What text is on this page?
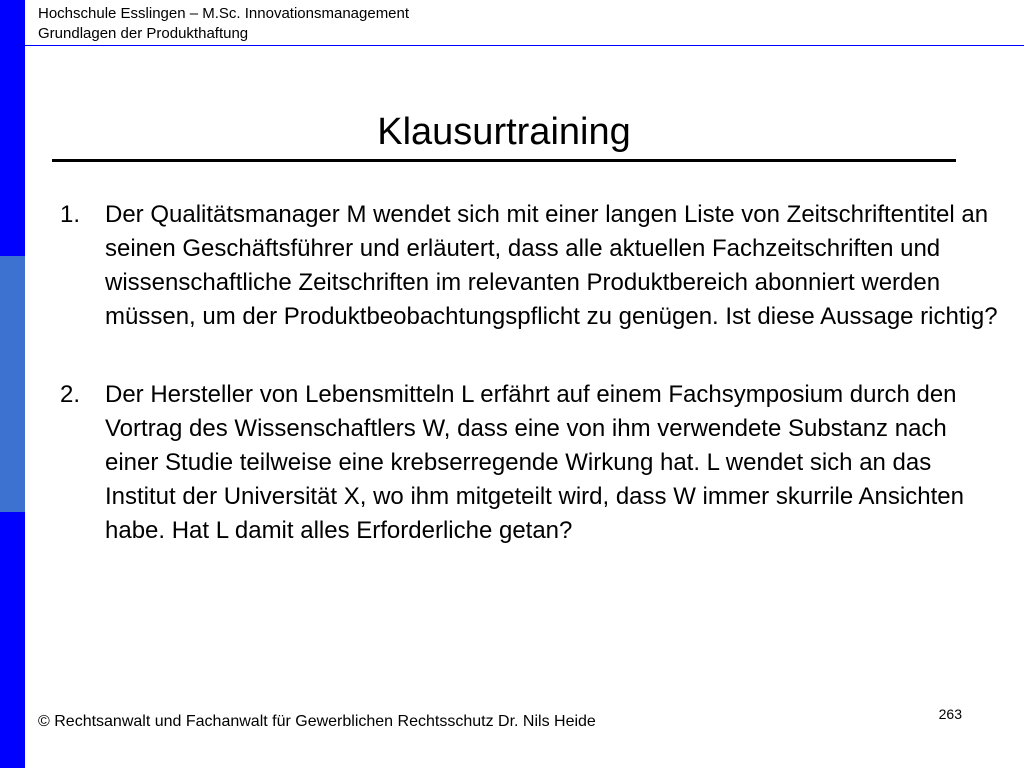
Hochschule Esslingen – M.Sc. Innovationsmanagement
Grundlagen der Produkthaftung
Klausurtraining
1. Der Qualitätsmanager M wendet sich mit einer langen Liste von Zeitschriftentitel an seinen Geschäftsführer und erläutert, dass alle aktuellen Fachzeitschriften und wissenschaftliche Zeitschriften im relevanten Produktbereich abonniert werden müssen, um der Produktbeobachtungspflicht zu genügen. Ist diese Aussage richtig?
2. Der Hersteller von Lebensmitteln L erfährt auf einem Fachsymposium durch den Vortrag des Wissenschaftlers W, dass eine von ihm verwendete Substanz nach einer Studie teilweise eine krebserregende Wirkung hat. L wendet sich an das Institut der Universität X, wo ihm mitgeteilt wird, dass W immer skurrile Ansichten habe. Hat L damit alles Erforderliche getan?
© Rechtsanwalt und Fachanwalt für Gewerblichen Rechtsschutz Dr. Nils Heide	263
